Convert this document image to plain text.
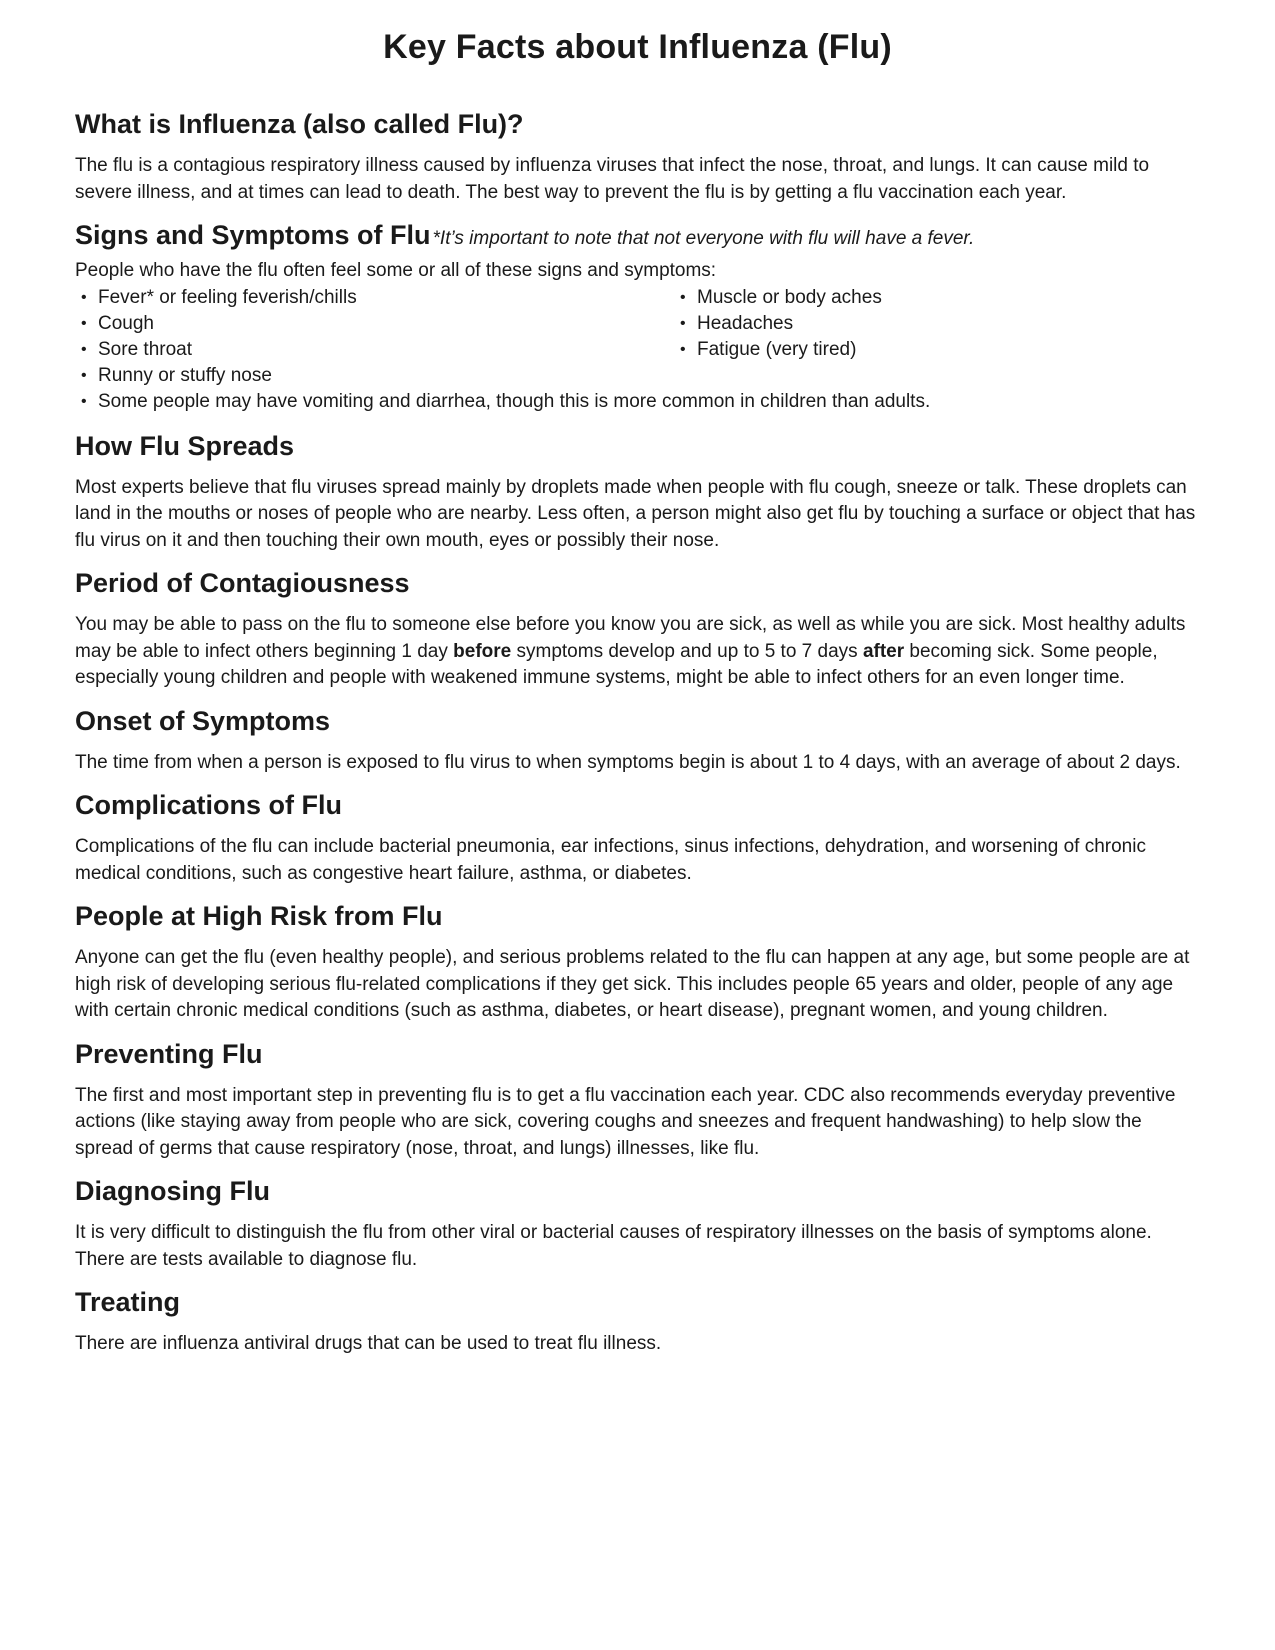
Key Facts about Influenza (Flu)
What is Influenza (also called Flu)?

The flu is a contagious respiratory illness caused by influenza viruses that infect the nose, throat, and lungs. It can cause mild to severe illness, and at times can lead to death. The best way to prevent the flu is by getting a flu vaccination each year.

Signs and Symptoms of Flu *It’s important to note that not everyone with flu will have a fever.

People who have the flu often feel some or all of these signs and symptoms:

• Fever* or feeling feverish/chills
• Cough
• Sore throat
• Runny or stuffy nose
• Some people may have vomiting and diarrhea, though this is more common in children than adults.
• Muscle or body aches
• Headaches
• Fatigue (very tired)
How Flu Spreads

Most experts believe that flu viruses spread mainly by droplets made when people with flu cough, sneeze or talk. These droplets can land in the mouths or noses of people who are nearby. Less often, a person might also get flu by touching a surface or object that has flu virus on it and then touching their own mouth, eyes or possibly their nose.

Period of Contagiousness

You may be able to pass on the flu to someone else before you know you are sick, as well as while you are sick. Most healthy adults may be able to infect others beginning 1 day before symptoms develop and up to 5 to 7 days after becoming sick. Some people, especially young children and people with weakened immune systems, might be able to infect others for an even longer time.

Onset of Symptoms

The time from when a person is exposed to flu virus to when symptoms begin is about 1 to 4 days, with an average of about 2 days.

Complications of Flu

Complications of the flu can include bacterial pneumonia, ear infections, sinus infections, dehydration, and worsening of chronic medical conditions, such as congestive heart failure, asthma, or diabetes.

People at High Risk from Flu

Anyone can get the flu (even healthy people), and serious problems related to the flu can happen at any age, but some people are at high risk of developing serious flu-related complications if they get sick. This includes people 65 years and older, people of any age with certain chronic medical conditions (such as asthma, diabetes, or heart disease), pregnant women, and young children.

Preventing Flu

The first and most important step in preventing flu is to get a flu vaccination each year. CDC also recommends everyday preventive actions (like staying away from people who are sick, covering coughs and sneezes and frequent handwashing) to help slow the spread of germs that cause respiratory (nose, throat, and lungs) illnesses, like flu.

Diagnosing Flu

It is very difficult to distinguish the flu from other viral or bacterial causes of respiratory illnesses on the basis of symptoms alone. There are tests available to diagnose flu.

Treating

There are influenza antiviral drugs that can be used to treat flu illness.
